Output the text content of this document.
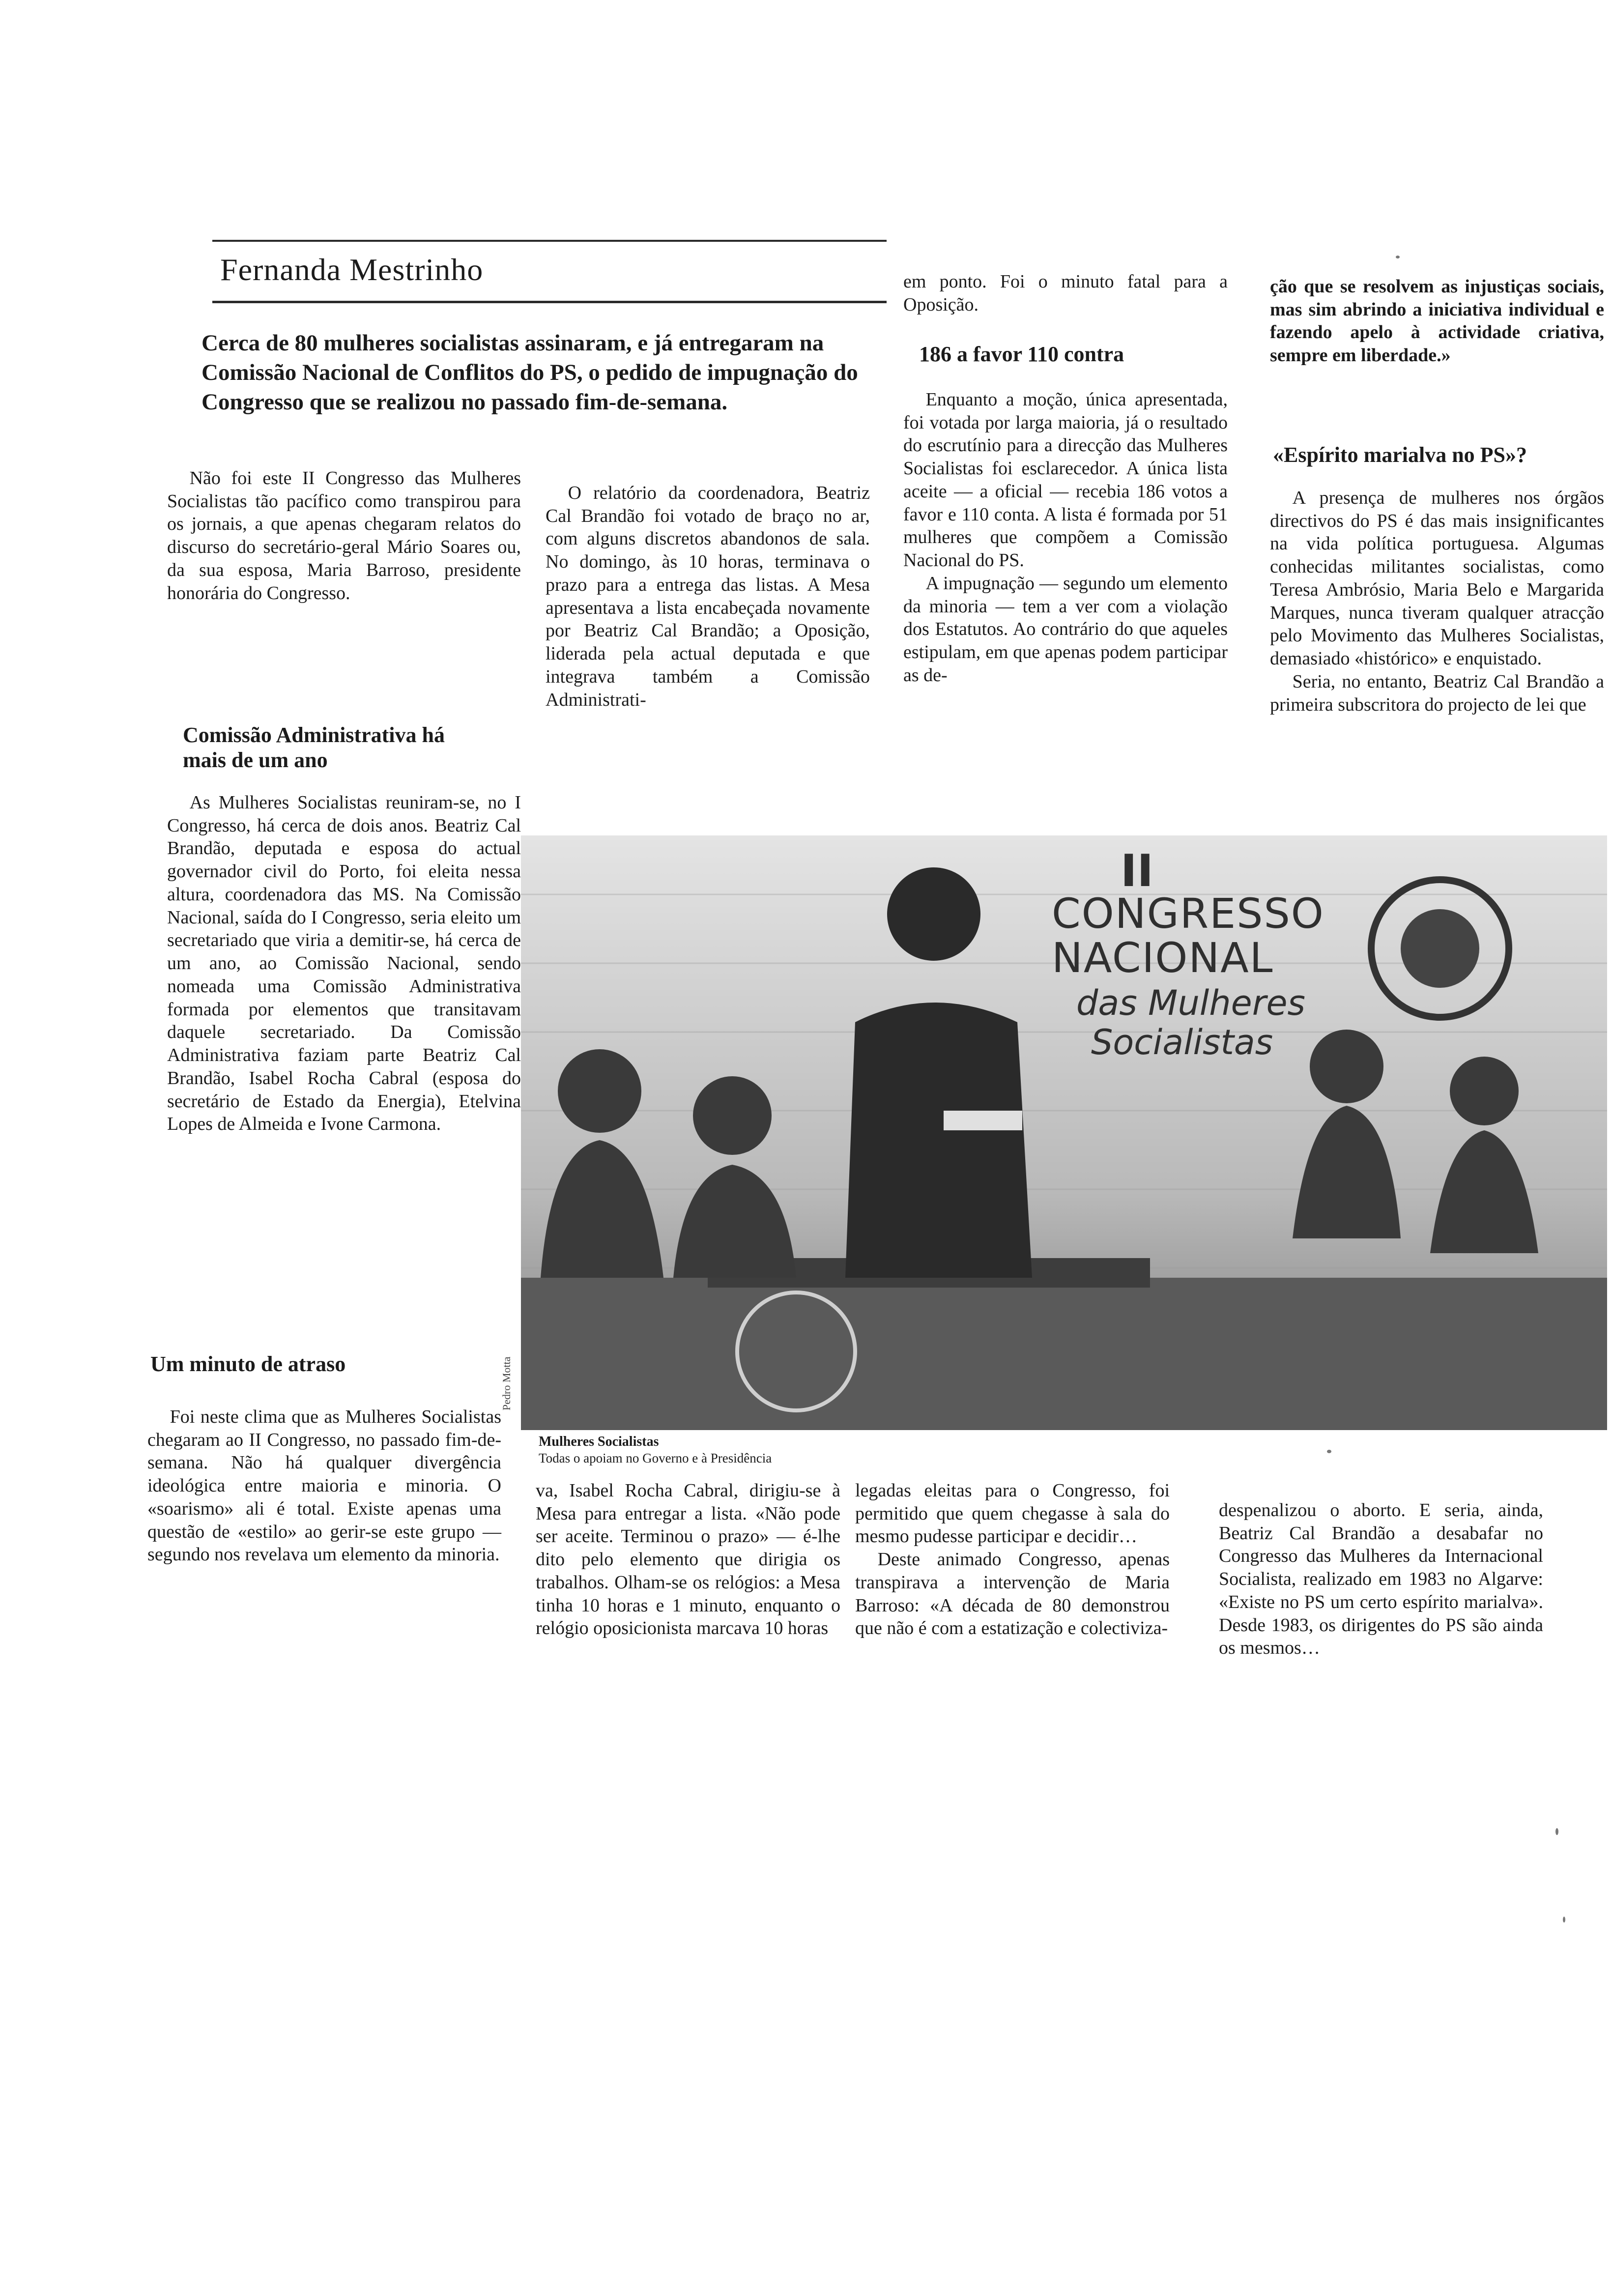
Fernanda Mestrinho
Cerca de 80 mulheres socialistas assinaram, e já entregaram na Comissão Nacional de Conflitos do PS, o pedido de impugnação do Congresso que se realizou no passado fim-de-semana.

Não foi este II Congresso das Mulheres Socialistas tão pacífico como transpirou para os jornais, a que apenas chegaram relatos do discurso do secretário-geral Mário Soares ou, da sua esposa, Maria Barroso, presidente honorária do Congresso.

Comissão Administrativa há mais de um ano

As Mulheres Socialistas reuniram-se, no I Congresso, há cerca de dois anos. Beatriz Cal Brandão, deputada e esposa do actual governador civil do Porto, foi eleita nessa altura, coordenadora das MS. Na Comissão Nacional, saída do I Congresso, seria eleito um secretariado que viria a demitir-se, há cerca de um ano, ao Comissão Nacional, sendo nomeada uma Comissão Administrativa formada por elementos que transitavam daquele secretariado. Da Comissão Administrativa faziam parte Beatriz Cal Brandão, Isabel Rocha Cabral (esposa do secretário de Estado da Energia), Etelvina Lopes de Almeida e Ivone Carmona.

Um minuto de atraso

Foi neste clima que as Mulheres Socialistas chegaram ao II Congresso, no passado fim-de-semana. Não há qualquer divergência ideológica entre maioria e minoria. O «soarismo» ali é total. Existe apenas uma questão de «estilo» ao gerir-se este grupo — segundo nos revelava um elemento da minoria.

O relatório da coordenadora, Beatriz Cal Brandão foi votado de braço no ar, com alguns discretos abandonos de sala. No domingo, às 10 horas, terminava o prazo para a entrega das listas. A Mesa apresentava a lista encabeçada novamente por Beatriz Cal Brandão; a Oposição, liderada pela actual deputada e que integrava também a Comissão Administrati-

em ponto. Foi o minuto fatal para a Oposição.

186 a favor 110 contra

Enquanto a moção, única apresentada, foi votada por larga maioria, já o resultado do escrutínio para a direcção das Mulheres Socialistas foi esclarecedor. A única lista aceite — a oficial — recebia 186 votos a favor e 110 conta. A lista é formada por 51 mulheres que compõem a Comissão Nacional do PS.

A impugnação — segundo um elemento da minoria — tem a ver com a violação dos Estatutos. Ao contrário do que aqueles estipulam, em que apenas podem participar as de-

ção que se resolvem as injustiças sociais, mas sim abrindo a iniciativa individual e fazendo apelo à actividade criativa, sempre em liberdade.»

«Espírito marialva no PS»?

A presença de mulheres nos órgãos directivos do PS é das mais insignificantes na vida política portuguesa. Algumas conhecidas militantes socialistas, como Teresa Ambrósio, Maria Belo e Margarida Marques, nunca tiveram qualquer atracção pelo Movimento das Mulheres Socialistas, demasiado «histórico» e enquistado.

Seria, no entanto, Beatriz Cal Brandão a primeira subscritora do projecto de lei que

II
CONGRESSO
NACIONAL
das Mulheres
Socialistas
Pedro Motta
Mulheres Socialistas
Todas o apoiam no Governo e à Presidência

va, Isabel Rocha Cabral, dirigiu-se à Mesa para entregar a lista. «Não pode ser aceite. Terminou o prazo» — é-lhe dito pelo elemento que dirigia os trabalhos. Olham-se os relógios: a Mesa tinha 10 horas e 1 minuto, enquanto o relógio oposicionista marcava 10 horas

legadas eleitas para o Congresso, foi permitido que quem chegasse à sala do mesmo pudesse participar e decidir…

Deste animado Congresso, apenas transpirava a intervenção de Maria Barroso: «A década de 80 demonstrou que não é com a estatização e colectiviza-

despenalizou o aborto. E seria, ainda, Beatriz Cal Brandão a desabafar no Congresso das Mulheres da Internacional Socialista, realizado em 1983 no Algarve: «Existe no PS um certo espírito marialva». Desde 1983, os dirigentes do PS são ainda os mesmos…
